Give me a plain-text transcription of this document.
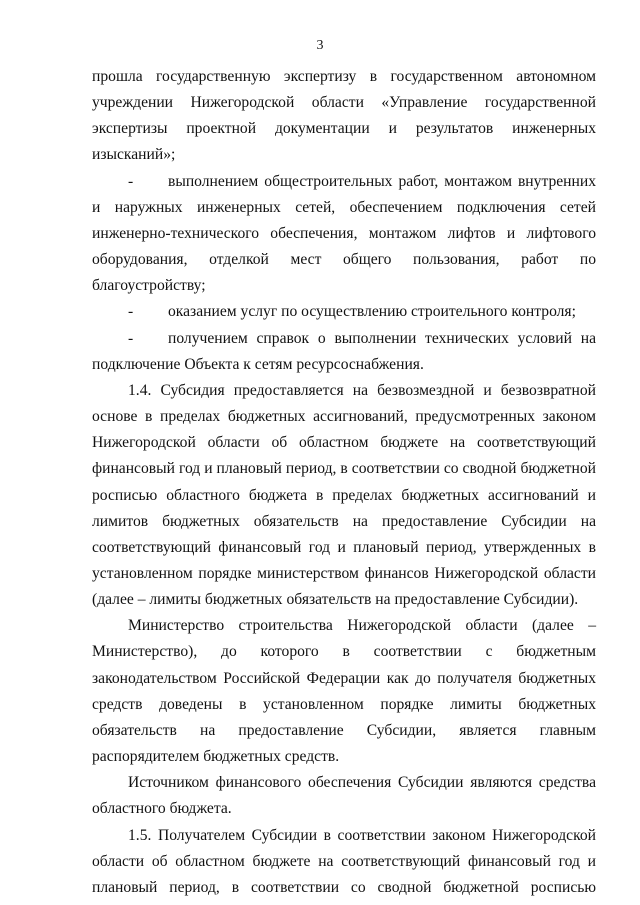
3

прошла государственную экспертизу в государственном автономном учреждении Нижегородской области «Управление государственной экспертизы проектной документации и результатов инженерных изысканий»;

- выполнением общестроительных работ, монтажом внутренних и наружных инженерных сетей, обеспечением подключения сетей инженерно-технического обеспечения, монтажом лифтов и лифтового оборудования, отделкой мест общего пользования, работ по благоустройству;

- оказанием услуг по осуществлению строительного контроля;

- получением справок о выполнении технических условий на подключение Объекта к сетям ресурсоснабжения.

1.4. Субсидия предоставляется на безвозмездной и безвозвратной основе в пределах бюджетных ассигнований, предусмотренных законом Нижегородской области об областном бюджете на соответствующий финансовый год и плановый период, в соответствии со сводной бюджетной росписью областного бюджета в пределах бюджетных ассигнований и лимитов бюджетных обязательств на предоставление Субсидии на соответствующий финансовый год и плановый период, утвержденных в установленном порядке министерством финансов Нижегородской области (далее – лимиты бюджетных обязательств на предоставление Субсидии).

Министерство строительства Нижегородской области (далее – Министерство), до которого в соответствии с бюджетным законодательством Российской Федерации как до получателя бюджетных средств доведены в установленном порядке лимиты бюджетных обязательств на предоставление Субсидии, является главным распорядителем бюджетных средств.

Источником финансового обеспечения Субсидии являются средства областного бюджета.

1.5. Получателем Субсидии в соответствии законом Нижегородской области об областном бюджете на соответствующий финансовый год и плановый период, в соответствии со сводной бюджетной росписью
